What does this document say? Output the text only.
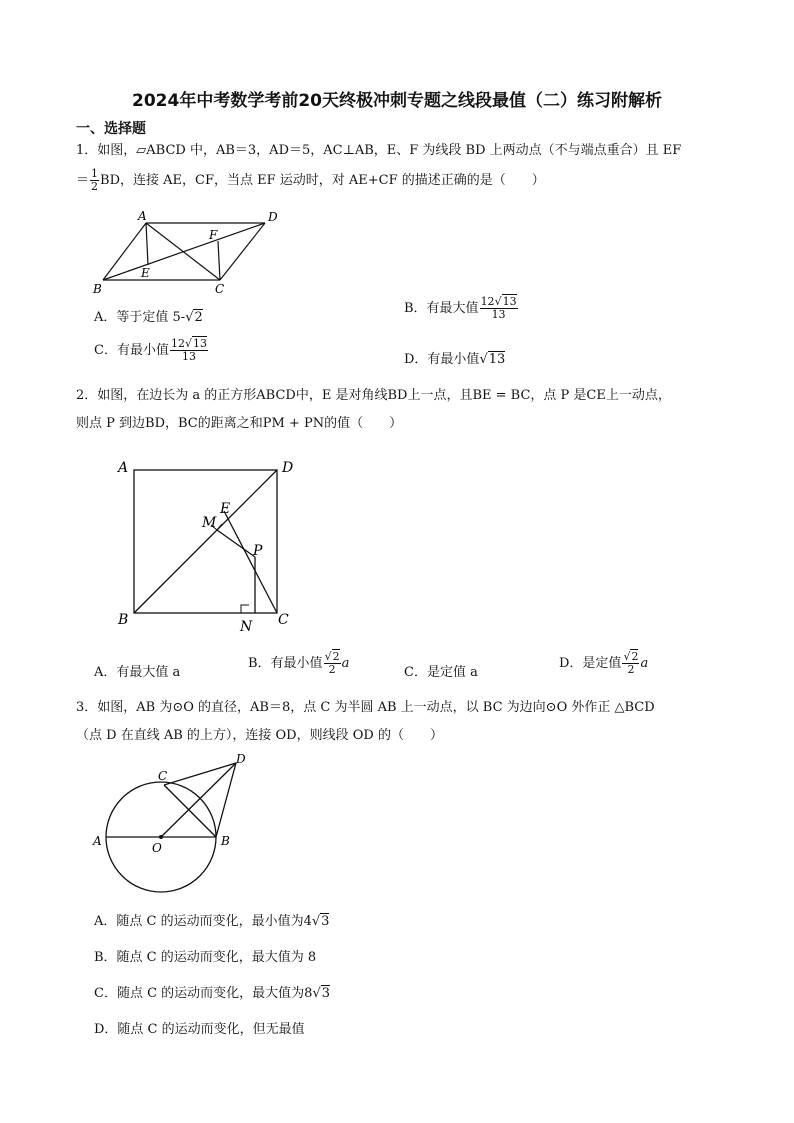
2024年中考数学考前20天终极冲刺专题之线段最值（二）练习附解析
一、选择题
1．如图，▱ABCD 中，AB＝3，AD＝5，AC⊥AB，E、F 为线段 BD 上两动点（不与端点重合）且 EF
＝ $\frac{1}{2}$ BD，连接 AE，CF，当点 EF 运动时，对 AE+CF 的描述正确的是（　　）
A	D
F
E
B	C
A．等于定值 5-√2
B．有最大值 $\frac{12√13}{13}$
C．有最小值 $\frac{12√13}{13}$	D．有最小值√13
2．如图，在边长为 a 的正方形ABCD中，E 是对角线BD上一点，且BE = BC，点 P 是CE上一动点，
则点 P 到边BD，BC的距离之和PM + PN的值（　　）
A	D
E
M
P
B	N C
A．有最大值 a
B．有最小值 $\frac{√2}{2}$ a
C．是定值 a
D．是定值 $\frac{√2}{2}$ a
3．如图，AB 为⊙O 的直径，AB＝8，点 C 为半圆 AB 上一动点，以 BC 为边向⊙O 外作正 △BCD
（点 D 在直线 AB 的上方），连接 OD，则线段 OD 的（　　）
A	O	B
C
D
A．随点 C 的运动而变化，最小值为4√3
B．随点 C 的运动而变化，最大值为 8
C．随点 C 的运动而变化，最大值为8√3
D．随点 C 的运动而变化，但无最值
